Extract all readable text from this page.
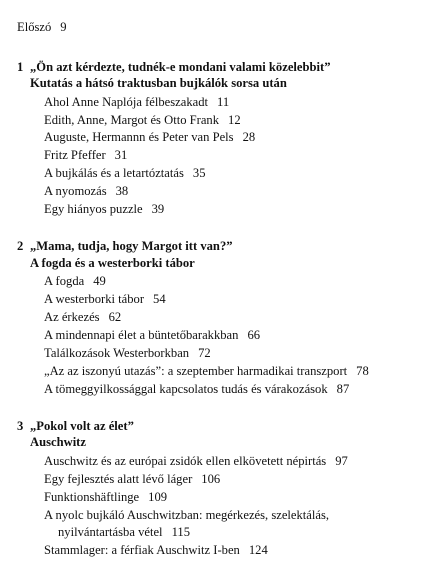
Előszó 9
1 „Ön azt kérdezte, tudnék-e mondani valami közelebbit”
Kutatás a hátsó traktusban bujkálók sorsa után
Ahol Anne Naplója félbeszakadt 11
Edith, Anne, Margot és Otto Frank 12
Auguste, Hermannn és Peter van Pels 28
Fritz Pfeffer 31
A bujkálás és a letartóztatás 35
A nyomozás 38
Egy hiányos puzzle 39
2 „Mama, tudja, hogy Margot itt van?”
A fogda és a westerborki tábor
A fogda 49
A westerborki tábor 54
Az érkezés 62
A mindennapi élet a büntetőbarakkban 66
Találkozások Westerborkban 72
„Az az iszonyú utazás”: a szeptember harmadikai transzport 78
A tömeggyilkossággal kapcsolatos tudás és várakozások 87
3 „Pokol volt az élet”
Auschwitz
Auschwitz és az európai zsidók ellen elkövetett népirtás 97
Egy fejlesztés alatt lévő láger 106
Funktionshäftlinge 109
A nyolc bujkáló Auschwitzban: megérkezés, szelektálás,
nyilvántartásba vétel 115
Stammlager: a férfiak Auschwitz I-ben 124
